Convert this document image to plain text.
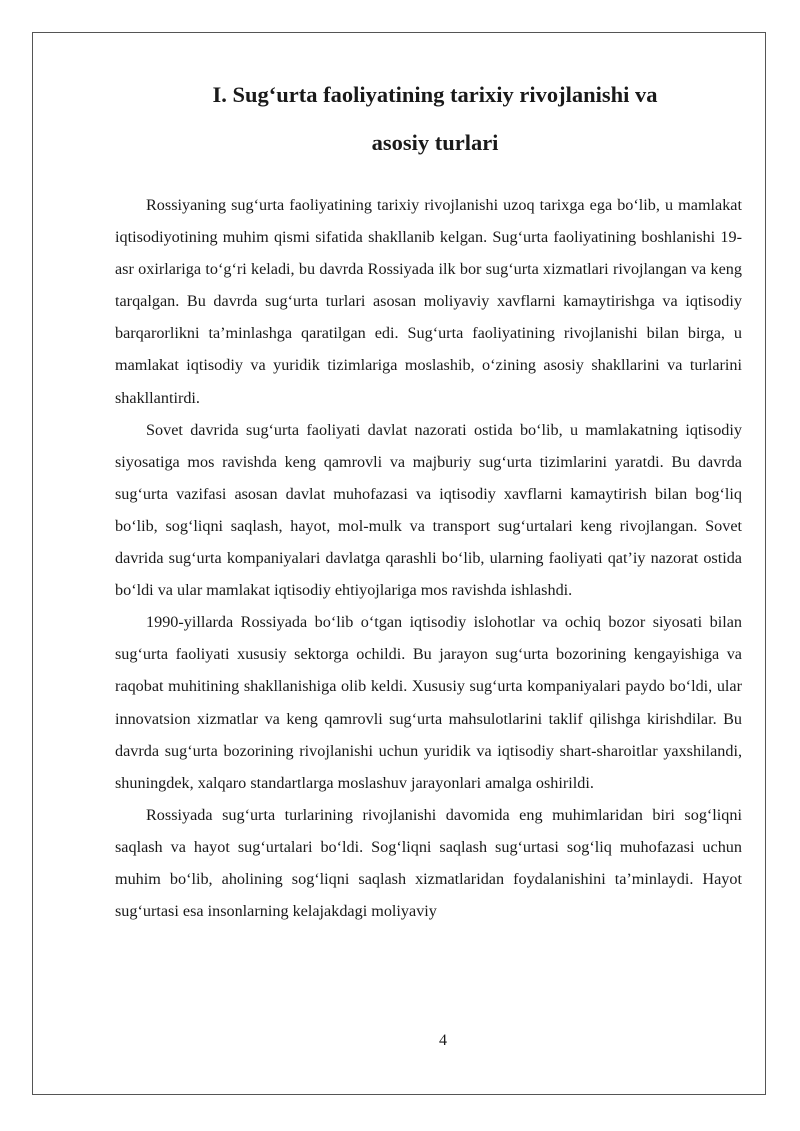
I. Sug‘urta faoliyatining tarixiy rivojlanishi va
asosiy turlari

Rossiyaning sug‘urta faoliyatining tarixiy rivojlanishi uzoq tarixga ega bo‘lib, u mamlakat iqtisodiyotining muhim qismi sifatida shakllanib kelgan. Sug‘urta faoliyatining boshlanishi 19-asr oxirlariga to‘g‘ri keladi, bu davrda Rossiyada ilk bor sug‘urta xizmatlari rivojlangan va keng tarqalgan. Bu davrda sug‘urta turlari asosan moliyaviy xavflarni kamaytirishga va iqtisodiy barqarorlikni ta’minlashga qaratilgan edi. Sug‘urta faoliyatining rivojlanishi bilan birga, u mamlakat iqtisodiy va yuridik tizimlariga moslashib, o‘zining asosiy shakllarini va turlarini shakllantirdi.

Sovet davrida sug‘urta faoliyati davlat nazorati ostida bo‘lib, u mamlakatning iqtisodiy siyosatiga mos ravishda keng qamrovli va majburiy sug‘urta tizimlarini yaratdi. Bu davrda sug‘urta vazifasi asosan davlat muhofazasi va iqtisodiy xavflarni kamaytirish bilan bog‘liq bo‘lib, sog‘liqni saqlash, hayot, mol-mulk va transport sug‘urtalari keng rivojlangan. Sovet davrida sug‘urta kompaniyalari davlatga qarashli bo‘lib, ularning faoliyati qat’iy nazorat ostida bo‘ldi va ular mamlakat iqtisodiy ehtiyojlariga mos ravishda ishlashdi.

1990-yillarda Rossiyada bo‘lib o‘tgan iqtisodiy islohotlar va ochiq bozor siyosati bilan sug‘urta faoliyati xususiy sektorga ochildi. Bu jarayon sug‘urta bozorining kengayishiga va raqobat muhitining shakllanishiga olib keldi. Xususiy sug‘urta kompaniyalari paydo bo‘ldi, ular innovatsion xizmatlar va keng qamrovli sug‘urta mahsulotlarini taklif qilishga kirishdilar. Bu davrda sug‘urta bozorining rivojlanishi uchun yuridik va iqtisodiy shart-sharoitlar yaxshilandi, shuningdek, xalqaro standartlarga moslashuv jarayonlari amalga oshirildi.

Rossiyada sug‘urta turlarining rivojlanishi davomida eng muhimlaridan biri sog‘liqni saqlash va hayot sug‘urtalari bo‘ldi. Sog‘liqni saqlash sug‘urtasi sog‘liq muhofazasi uchun muhim bo‘lib, aholining sog‘liqni saqlash xizmatlaridan foydalanishini ta’minlaydi. Hayot sug‘urtasi esa insonlarning kelajakdagi moliyaviy

4
